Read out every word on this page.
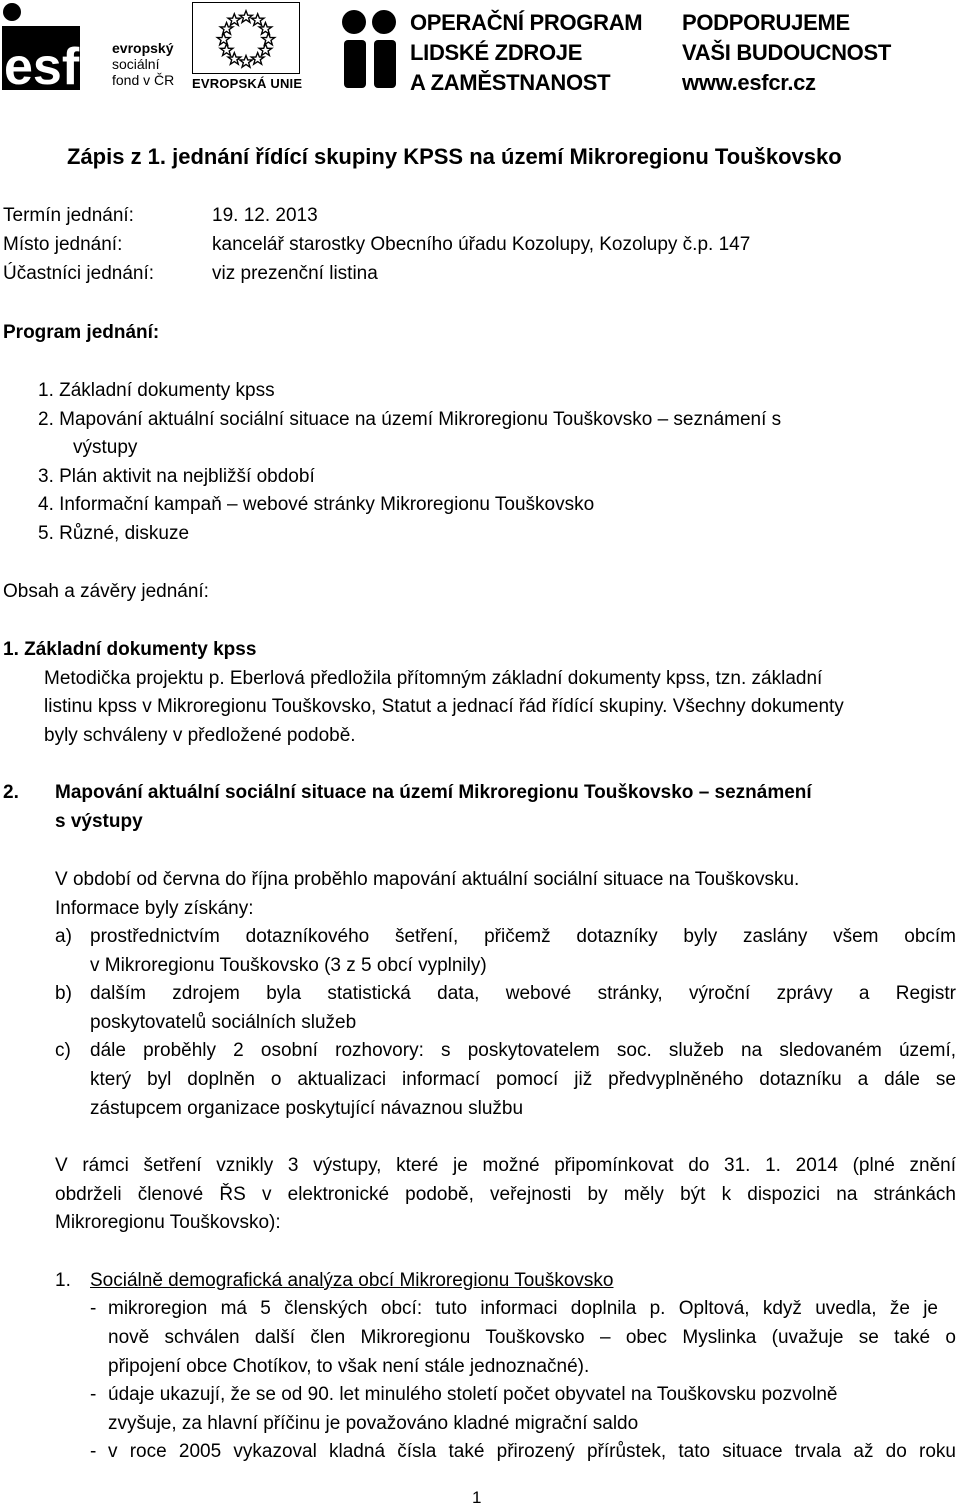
esf evropský
sociální
fond v ČR EVROPSKÁ UNIE
OPERAČNÍ PROGRAM
LIDSKÉ ZDROJE
A ZAMĚSTNANOST
PODPORUJEME
VAŠI BUDOUCNOST
www.esfcr.cz
Zápis z 1. jednání řídící skupiny KPSS na území Mikroregionu Touškovsko
Termín jednání:	19. 12. 2013
Místo jednání:	kancelář starostky Obecního úřadu Kozolupy, Kozolupy č.p. 147
Účastníci jednání:	viz prezenční listina
Program jednání:
1. Základní dokumenty kpss
2. Mapování aktuální sociální situace na území Mikroregionu Touškovsko – seznámení s
výstupy
3. Plán aktivit na nejbližší období
4. Informační kampaň – webové stránky Mikroregionu Touškovsko
5. Různé, diskuze
Obsah a závěry jednání:
1. Základní dokumenty kpss
Metodička projektu p. Eberlová předložila přítomným základní dokumenty kpss, tzn. základní
listinu kpss v Mikroregionu Touškovsko, Statut a jednací řád řídící skupiny. Všechny dokumenty
byly schváleny v předložené podobě.
2. Mapování aktuální sociální situace na území Mikroregionu Touškovsko – seznámení
s výstupy
V období od června do října proběhlo mapování aktuální sociální situace na Touškovsku.
Informace byly získány:
a) prostřednictvím dotazníkového šetření, přičemž dotazníky byly zaslány všem obcím
v Mikroregionu Touškovsko (3 z 5 obcí vyplnily)
b) dalším zdrojem byla statistická data, webové stránky, výroční zprávy a Registr
poskytovatelů sociálních služeb
c) dále proběhly 2 osobní rozhovory: s poskytovatelem soc. služeb na sledovaném území,
který byl doplněn o aktualizaci informací pomocí již předvyplněného dotazníku a dále se
zástupcem organizace poskytující návaznou službu
V rámci šetření vznikly 3 výstupy, které je možné připomínkovat do 31. 1. 2014 (plné znění
obdrželi členové ŘS v elektronické podobě, veřejnosti by měly být k dispozici na stránkách
Mikroregionu Touškovsko):
1. Sociálně demografická analýza obcí Mikroregionu Touškovsko
- mikroregion má 5 členských obcí: tuto informaci doplnila p. Opltová, když uvedla, že je
nově schválen další člen Mikroregionu Touškovsko – obec Myslinka (uvažuje se také o
připojení obce Chotíkov, to však není stále jednoznačné).
- údaje ukazují, že se od 90. let minulého století počet obyvatel na Touškovsku pozvolně
zvyšuje, za hlavní příčinu je považováno kladné migrační saldo
- v roce 2005 vykazoval kladná čísla také přirozený přírůstek, tato situace trvala až do roku
1
